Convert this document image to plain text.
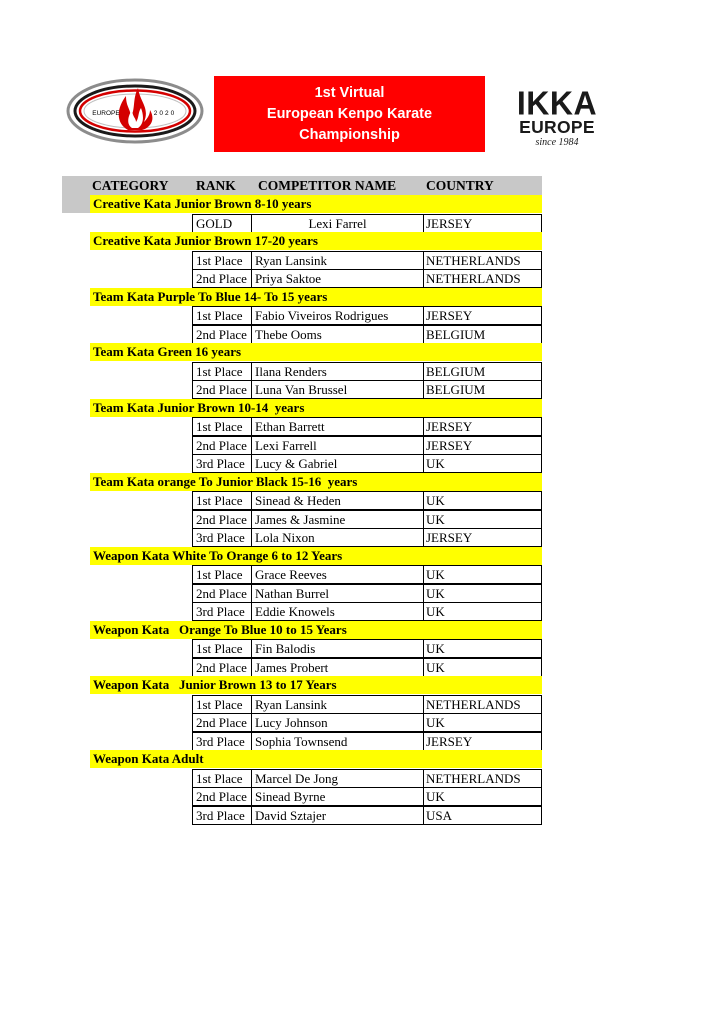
EUROPE	2020
1st Virtual
European Kenpo Karate
Championship
IKKA
EUROPE
since 1984
CATEGORY RANK COMPETITOR NAME COUNTRY
Creative Kata Junior Brown 8-10 years
GOLD	Lexi Farrel	JERSEY
Creative Kata Junior Brown 17-20 years
1st Place Ryan Lansink	NETHERLANDS
2nd Place Priya Saktoe	NETHERLANDS
Team Kata Purple To Blue 14- To 15 years
1st Place Fabio Viveiros Rodrigues	JERSEY
2nd Place Thebe Ooms	BELGIUM
Team Kata Green 16 years
1st Place Ilana Renders	BELGIUM
2nd Place Luna Van Brussel	BELGIUM
Team Kata Junior Brown 10-14  years
1st Place Ethan Barrett	JERSEY
2nd Place Lexi Farrell	JERSEY
3rd Place Lucy & Gabriel	UK
Team Kata orange To Junior Black 15-16  years
1st Place Sinead & Heden	UK
2nd Place James & Jasmine	UK
3rd Place Lola Nixon	JERSEY
Weapon Kata White To Orange 6 to 12 Years
1st Place Grace Reeves	UK
2nd Place Nathan Burrel	UK
3rd Place Eddie Knowels	UK
Weapon Kata   Orange To Blue 10 to 15 Years
1st Place Fin Balodis	UK
2nd Place James Probert	UK
Weapon Kata   Junior Brown 13 to 17 Years
1st Place Ryan Lansink	NETHERLANDS
2nd Place Lucy Johnson	UK
3rd Place Sophia Townsend	JERSEY
Weapon Kata Adult
1st Place Marcel De Jong	NETHERLANDS
2nd Place Sinead Byrne	UK
3rd Place David Sztajer	USA
